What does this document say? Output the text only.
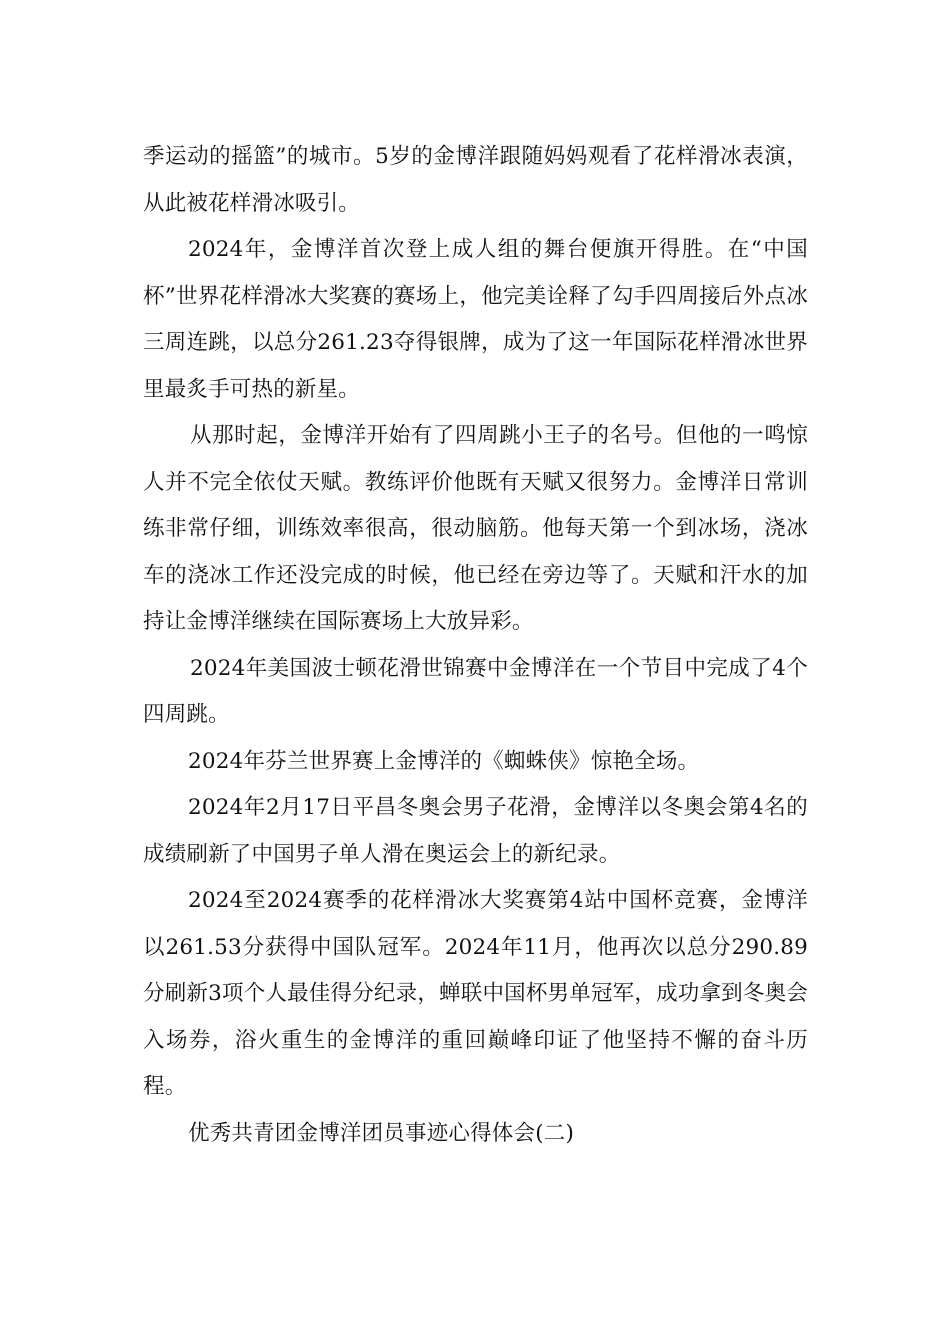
季运动的摇篮”的城市。5岁的金博洋跟随妈妈观看了花样滑冰表演，从此被花样滑冰吸引。

2024年，金博洋首次登上成人组的舞台便旗开得胜。在“中国杯”世界花样滑冰大奖赛的赛场上，他完美诠释了勾手四周接后外点冰三周连跳，以总分261.23夺得银牌，成为了这一年国际花样滑冰世界里最炙手可热的新星。

从那时起，金博洋开始有了四周跳小王子的名号。但他的一鸣惊人并不完全依仗天赋。教练评价他既有天赋又很努力。金博洋日常训练非常仔细，训练效率很高，很动脑筋。他每天第一个到冰场，浇冰车的浇冰工作还没完成的时候，他已经在旁边等了。天赋和汗水的加持让金博洋继续在国际赛场上大放异彩。

2024年美国波士顿花滑世锦赛中金博洋在一个节目中完成了4个四周跳。

2024年芬兰世界赛上金博洋的《蜘蛛侠》惊艳全场。

2024年2月17日平昌冬奥会男子花滑，金博洋以冬奥会第4名的成绩刷新了中国男子单人滑在奥运会上的新纪录。

2024至2024赛季的花样滑冰大奖赛第4站中国杯竞赛，金博洋以261.53分获得中国队冠军。2024年11月，他再次以总分290.89分刷新3项个人最佳得分纪录，蝉联中国杯男单冠军，成功拿到冬奥会入场券，浴火重生的金博洋的重回巅峰印证了他坚持不懈的奋斗历程。

优秀共青团金博洋团员事迹心得体会(二)
